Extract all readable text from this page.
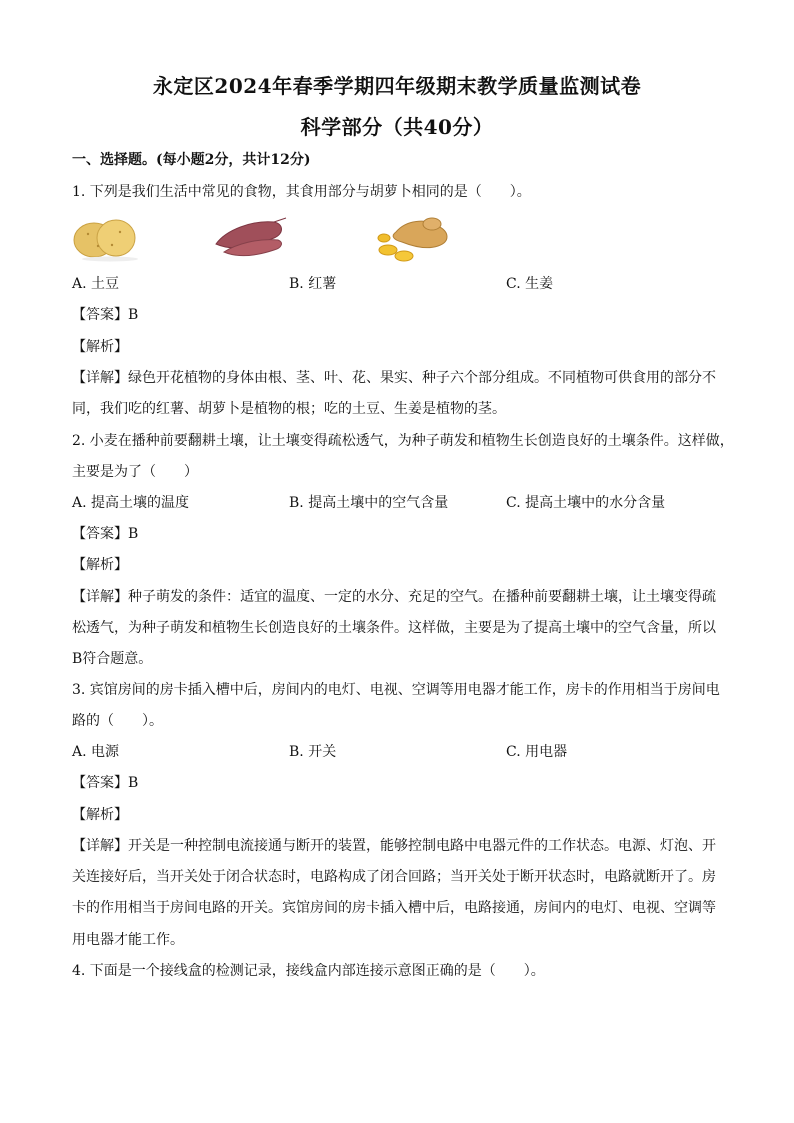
永定区2024年春季学期四年级期末教学质量监测试卷
科学部分（共40分）
一、选择题。(每小题2分，共计12分)
1. 下列是我们生活中常见的食物，其食用部分与胡萝卜相同的是（　　）。
A. 土豆	B. 红薯	C. 生姜
【答案】B
【解析】
【详解】绿色开花植物的身体由根、茎、叶、花、果实、种子六个部分组成。不同植物可供食用的部分不
同，我们吃的红薯、胡萝卜是植物的根；吃的土豆、生姜是植物的茎。
2. 小麦在播种前要翻耕土壤，让土壤变得疏松透气，为种子萌发和植物生长创造良好的土壤条件。这样做，
主要是为了（　　）
A. 提高土壤的温度	B. 提高土壤中的空气含量	C. 提高土壤中的水分含量
【答案】B
【解析】
【详解】种子萌发的条件：适宜的温度、一定的水分、充足的空气。在播种前要翻耕土壤，让土壤变得疏
松透气，为种子萌发和植物生长创造良好的土壤条件。这样做，主要是为了提高土壤中的空气含量，所以
B符合题意。
3. 宾馆房间的房卡插入槽中后，房间内的电灯、电视、空调等用电器才能工作，房卡的作用相当于房间电
路的（　　）。
A. 电源	B. 开关	C. 用电器
【答案】B
【解析】
【详解】开关是一种控制电流接通与断开的装置，能够控制电路中电器元件的工作状态。电源、灯泡、开
关连接好后，当开关处于闭合状态时，电路构成了闭合回路；当开关处于断开状态时，电路就断开了。房
卡的作用相当于房间电路的开关。宾馆房间的房卡插入槽中后，电路接通，房间内的电灯、电视、空调等
用电器才能工作。
4. 下面是一个接线盒的检测记录，接线盒内部连接示意图正确的是（　　）。
